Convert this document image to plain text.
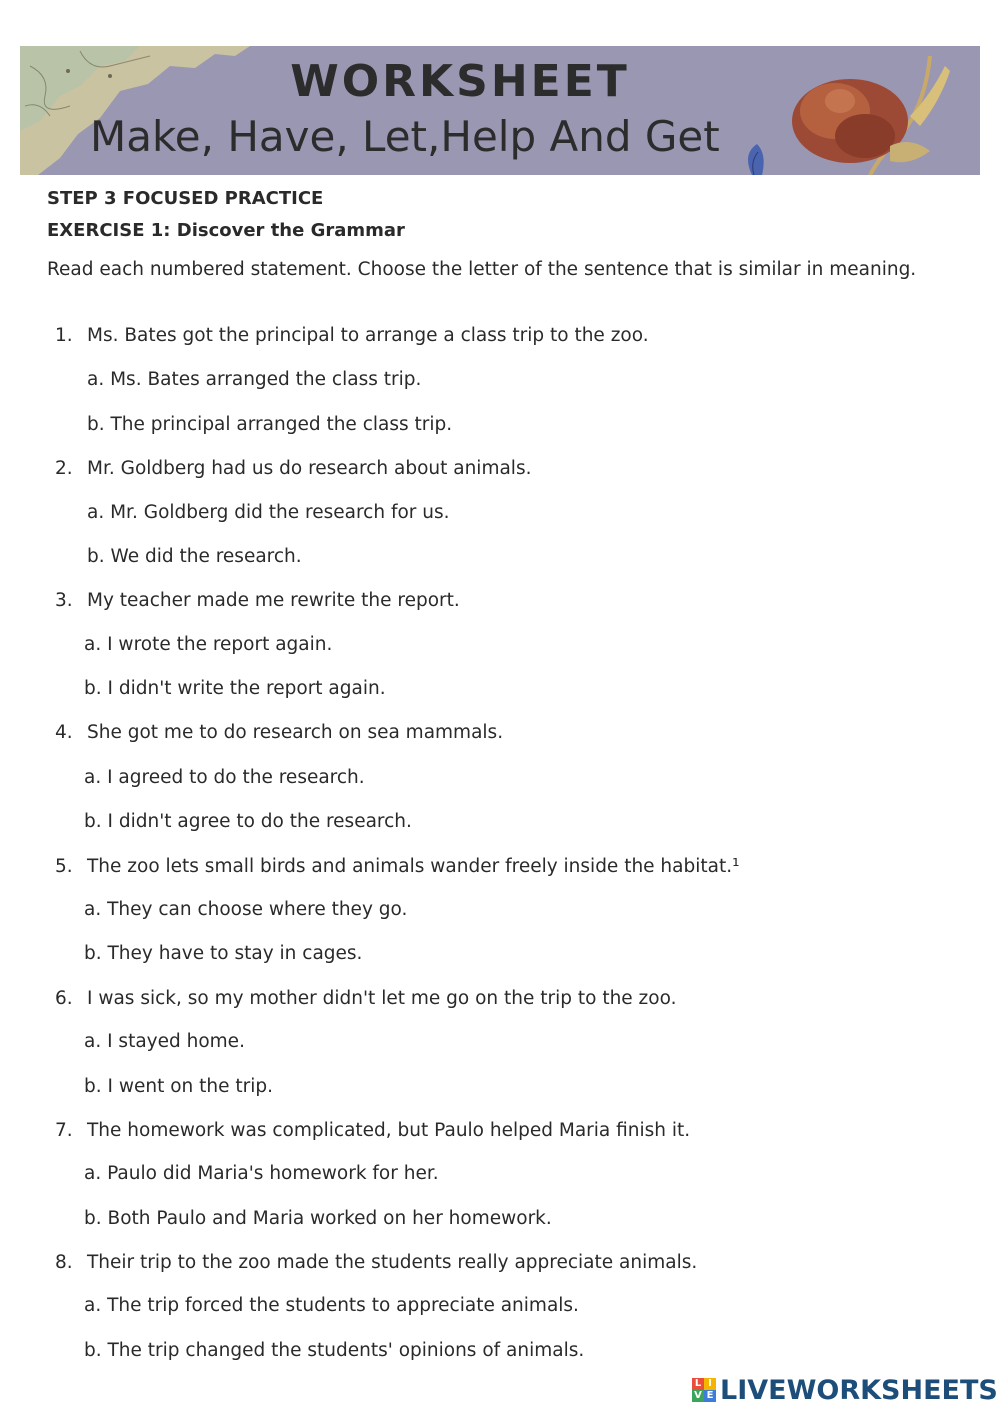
WORKSHEET
Make, Have, Let,Help And Get
STEP 3 FOCUSED PRACTICE
EXERCISE 1: Discover the Grammar
Read each numbered statement. Choose the letter of the sentence that is similar in meaning.
1. Ms. Bates got the principal to arrange a class trip to the zoo.
a. Ms. Bates arranged the class trip.
b. The principal arranged the class trip.
2. Mr. Goldberg had us do research about animals.
a. Mr. Goldberg did the research for us.
b. We did the research.
3. My teacher made me rewrite the report.
a. I wrote the report again.
b. I didn't write the report again.
4. She got me to do research on sea mammals.
a. I agreed to do the research.
b. I didn't agree to do the research.
5. The zoo lets small birds and animals wander freely inside the habitat.¹
a. They can choose where they go.
b. They have to stay in cages.
6. I was sick, so my mother didn't let me go on the trip to the zoo.
a. I stayed home.
b. I went on the trip.
7. The homework was complicated, but Paulo helped Maria finish it.
a. Paulo did Maria's homework for her.
b. Both Paulo and Maria worked on her homework.
8. Their trip to the zoo made the students really appreciate animals.
a. The trip forced the students to appreciate animals.
b. The trip changed the students' opinions of animals.
L I
V E LIVEWORKSHEETS
